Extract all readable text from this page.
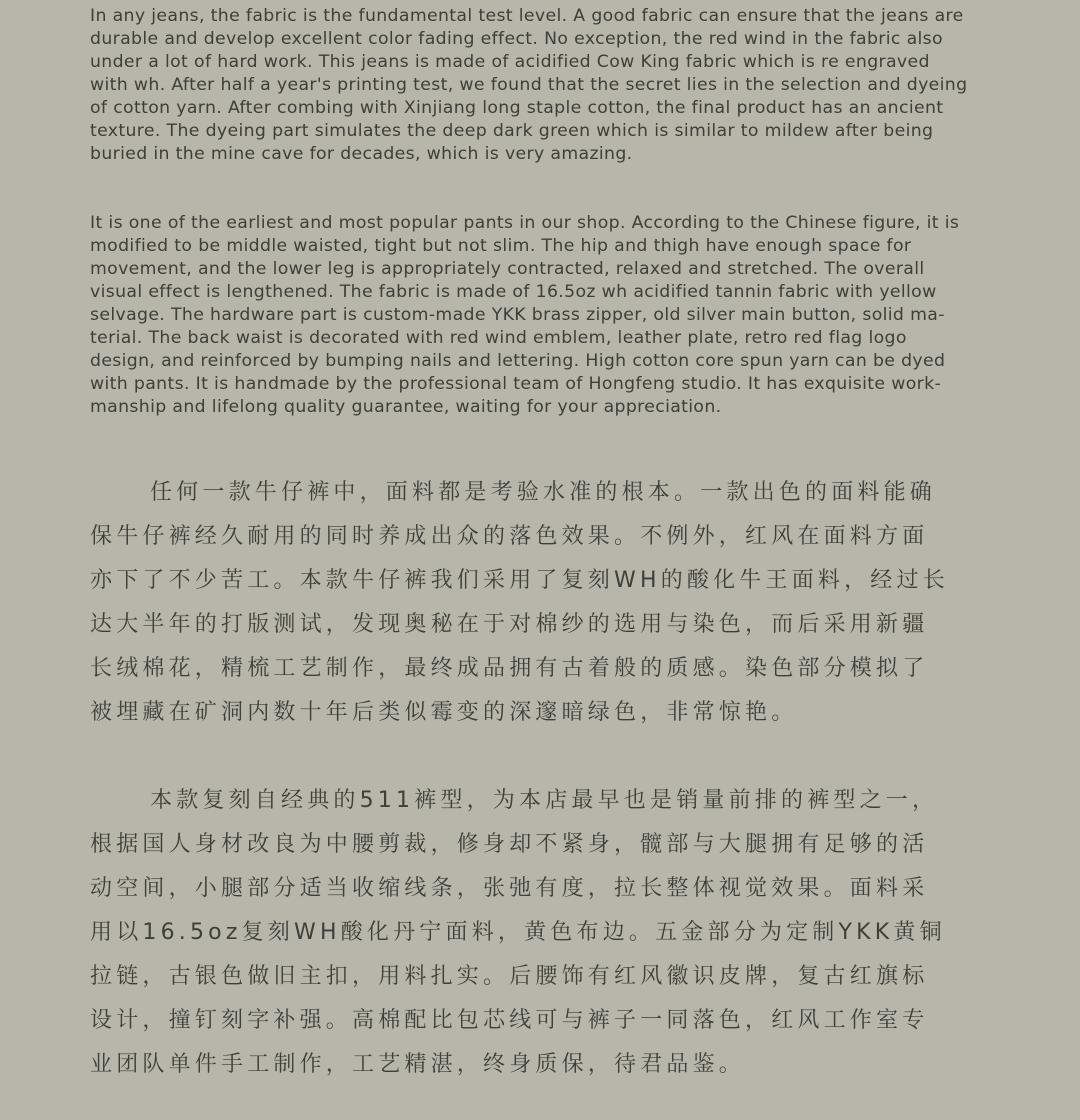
In any jeans, the fabric is the fundamental test level. A good fabric can ensure that the jeans are durable and develop excellent color fading effect. No exception, the red wind in the fabric also under a lot of hard work. This jeans is made of acidified Cow King fabric which is re engraved with wh. After half a year's printing test, we found that the secret lies in the selection and dyeing of cotton yarn. After combing with Xinjiang long staple cotton, the final product has an ancient texture. The dyeing part simulates the deep dark green which is similar to mildew after being buried in the mine cave for decades, which is very amazing.

It is one of the earliest and most popular pants in our shop. According to the Chinese figure, it is modified to be middle waisted, tight but not slim. The hip and thigh have enough space for movement, and the lower leg is appropriately contracted, relaxed and stretched. The overall visual effect is lengthened. The fabric is made of 16.5oz wh acidified tannin fabric with yellow selvage. The hardware part is custom-made YKK brass zipper, old silver main button, solid material. The back waist is decorated with red wind emblem, leather plate, retro red flag logo design, and reinforced by bumping nails and lettering. High cotton core spun yarn can be dyed with pants. It is handmade by the professional team of Hongfeng studio. It has exquisite workmanship and lifelong quality guarantee, waiting for your appreciation.

任何一款牛仔裤中，面料都是考验水准的根本。一款出色的面料能确保牛仔裤经久耐用的同时养成出众的落色效果。不例外，红风在面料方面亦下了不少苦工。本款牛仔裤我们采用了复刻WH的酸化牛王面料，经过长达大半年的打版测试，发现奥秘在于对棉纱的选用与染色，而后采用新疆长绒棉花，精梳工艺制作，最终成品拥有古着般的质感。染色部分模拟了被埋藏在矿洞内数十年后类似霉变的深邃暗绿色，非常惊艳。

本款复刻自经典的511裤型，为本店最早也是销量前排的裤型之一，根据国人身材改良为中腰剪裁，修身却不紧身，髋部与大腿拥有足够的活动空间，小腿部分适当收缩线条，张弛有度，拉长整体视觉效果。面料采用以16.5oz复刻WH酸化丹宁面料，黄色布边。五金部分为定制YKK黄铜拉链，古银色做旧主扣，用料扎实。后腰饰有红风徽识皮牌，复古红旗标设计，撞钉刻字补强。高棉配比包芯线可与裤子一同落色，红风工作室专业团队单件手工制作，工艺精湛，终身质保，待君品鉴。
